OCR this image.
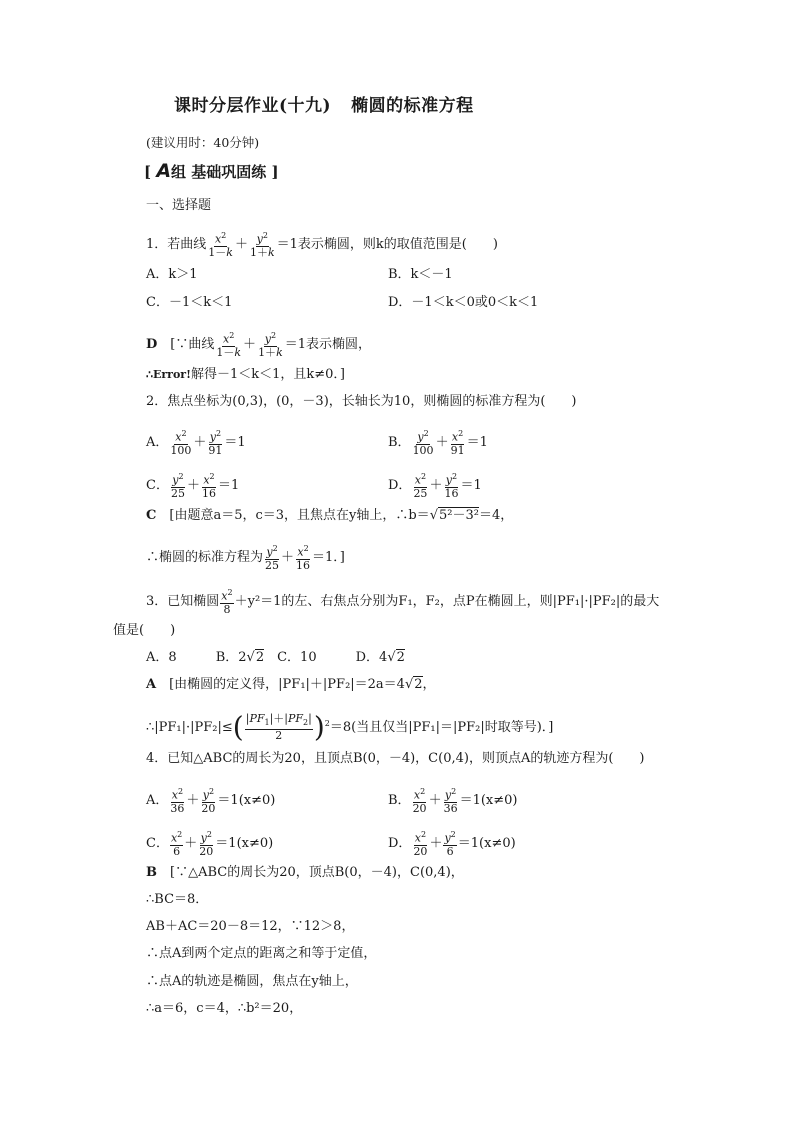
课时分层作业(十九) 椭圆的标准方程
(建议用时：40分钟)
[ A组 基础巩固练 ]
一、选择题
1．若曲线 $\frac{x^2}{1-k} + \frac{y^2}{1+k} =1$表示椭圆，则k的取值范围是(　　)
A．k＞1	B．k＜－1
C．－1＜k＜1	D．－1＜k＜0或0＜k＜1
D　 [∵曲线 $\frac{x^2}{1-k} + \frac{y^2}{1+k} =1$表示椭圆，
∴Error!解得－1＜k＜1，且k≠0．]
2．焦点坐标为(0,3)，(0，－3)，长轴长为10，则椭圆的标准方程为(　　)
A． $\frac{x^2}{100} + \frac{y^2}{91} =1$	B． $\frac{y^2}{100} + \frac{x^2}{91} =1$
C． $\frac{y^2}{25} + \frac{x^2}{16} =1$	D． $\frac{x^2}{25} + \frac{y^2}{16} =1$
C　 [由题意a＝5，c＝3，且焦点在y轴上，∴b＝√5²－3²＝4，
∴椭圆的标准方程为 $\frac{y^2}{25} + \frac{x^2}{16} =1$．]
3．已知椭圆 $\frac{x^2}{8} +y^2=1$的左、右焦点分别为F₁，F₂，点P在椭圆上，则|PF₁|·|PF₂|的最大
值是(　　)
A．8　　　	B．2√2　 C．10　　　	D．4√2
A　 [由椭圆的定义得，|PF₁|＋|PF₂|＝2a＝4√2，
∴|PF₁|·|PF₂|≤( $\frac{|PF_1|+|PF_2|}{2} )^2=8$(当且仅当|PF₁|＝|PF₂|时取等号)．]
4．已知△ABC的周长为20，且顶点B(0，－4)，C(0,4)，则顶点A的轨迹方程为(　　)
A． $\frac{x^2}{36} + \frac{y^2}{20} =1(x\ne 0)$	B． $\frac{x^2}{20} + \frac{y^2}{36} =1(x\ne 0)$
C． $\frac{x^2}{6} + \frac{y^2}{20} =1(x\ne 0)$	D． $\frac{x^2}{20} + \frac{y^2}{6} =1(x\ne 0)$
B　 [∵△ABC的周长为20，顶点B(0，－4)，C(0,4)，
∴BC＝8．
AB＋AC＝20－8＝12，∵12＞8，
∴点A到两个定点的距离之和等于定值，
∴点A的轨迹是椭圆，焦点在y轴上，
∴a＝6，c＝4，∴b²＝20，
